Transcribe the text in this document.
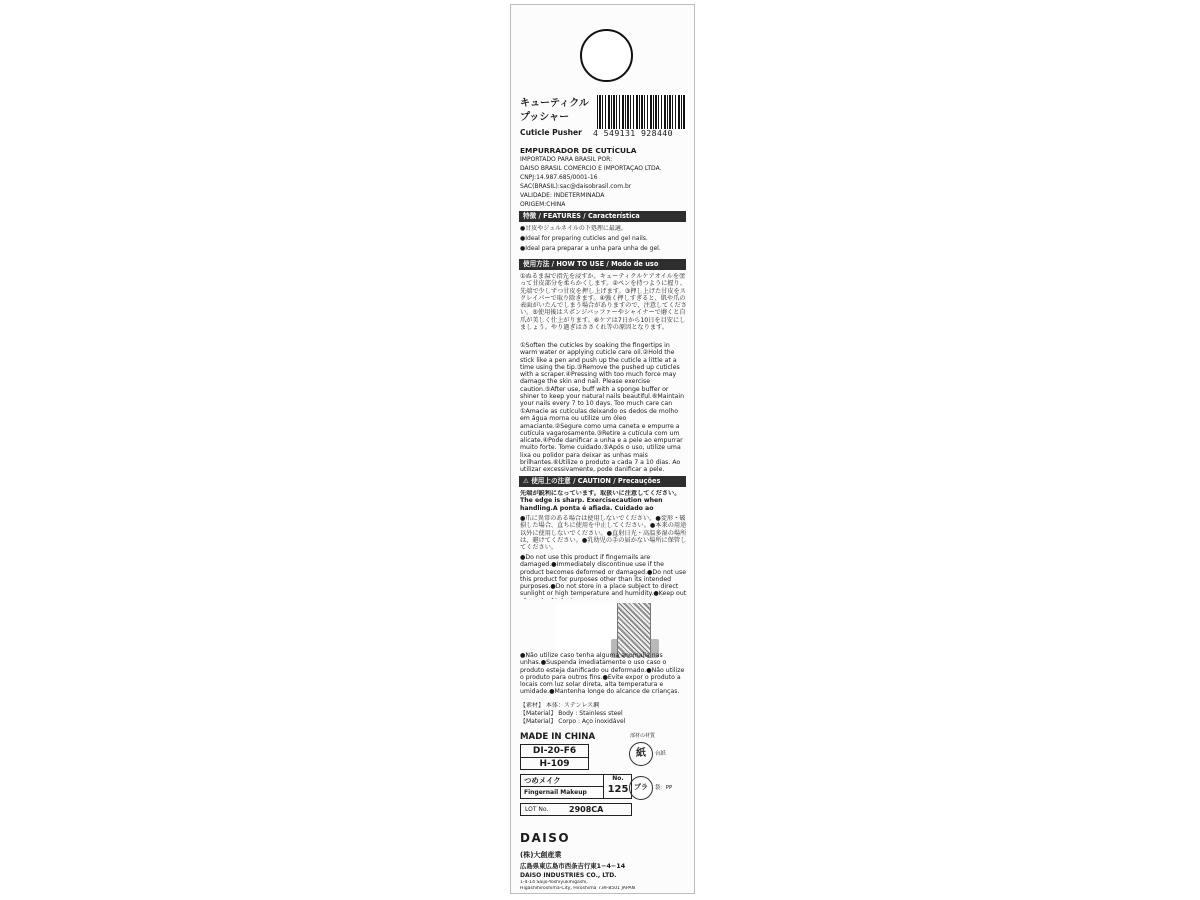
キューティクル
プッシャー
Cuticle Pusher 4 549131 928440
EMPURRADOR DE CUTÍCULA
IMPORTADO PARA BRASIL POR:
DAISO BRASIL COMÉRCIO E IMPORTAÇÃO LTDA.
CNPJ:14.987.685/0001-16
SAC(BRASIL):sac@daisobrasil.com.br
VALIDADE: INDETERMINADA
ORIGEM:CHINA
特徴 / FEATURES / Característica
●甘皮やジェルネイルの下処理に最適。
●Ideal for preparing cuticles and gel nails.
●Ideal para preparar a unha para unha de gel.
使用方法 / HOW TO USE / Modo de uso
①ぬるま湯で指先を浸すか、キューティクルケアオイルを塗って甘皮部分を柔らかくします。②ペンを持つように握り、先端で少しずつ甘皮を押し上げます。③押し上げた甘皮をスクレイパーで取り除きます。④強く押しすぎると、肌や爪の表面がいたんでしまう場合がありますので、注意してください。⑤使用後はスポンジバッファーやシャイナーで磨くと自爪が美しく仕上がります。⑥ケアは7日から10日を目安にしましょう。やり過ぎはささくれ等の原因となります。
①Soften the cuticles by soaking the fingertips in warm water or applying cuticle care oil.②Hold the stick like a pen and push up the cuticle a little at a time using the tip.③Remove the pushed up cuticles with a scraper.④Pressing with too much force may damage the skin and nail. Please exercise caution.⑤After use, buff with a sponge buffer or shiner to keep your natural nails beautiful.⑥Maintain your nails every 7 to 10 days. Too much care can
①Amacie as cutículas deixando os dedos de molho em água morna ou utilize um óleo amaciante.②Segure como uma caneta e empurre a cutícula vagarosamente.③Retire a cutícula com um alicate.④Pode danificar a unha e a pele ao empurrar muito forte. Tome cuidado.⑤Após o uso, utilize uma lixa ou polidor para deixar as unhas mais brilhantes.⑥Utilize o produto a cada 7 a 10 dias. Ao utilizar excessivamente, pode danificar a pele.
⚠ 使用上の注意 / CAUTION / Precauções
先端が鋭利になっています。取扱いに注意してください。The edge is sharp. Exercisecaution when handling.A ponta é afiada. Cuidado ao
●爪に異常のある場合は使用しないでください。●変形・破損した場合、直ちに使用を中止してください。●本来の用途以外に使用しないでください。●直射日光・高温多湿の場所は、避けてください。●乳幼児の手の届かない場所に保管してください。
●Do not use this product if fingernails are damaged.●Immediately discontinue use if the product becomes deformed or damaged.●Do not use this product for purposes other than its intended purposes.●Do not store in a place subject to direct sunlight or high temperature and humidity.●Keep out
●Não utilize caso tenha alguma anomalia nas unhas.●Suspenda imediatamente o uso caso o produto esteja danificado ou deformado.●Não utilize o produto para outros fins.●Evite expor o produto a locais com luz solar direta, alta temperatura e umidade.●Mantenha longe do alcance de crianças.
【素材】 本体：ステンレス鋼
【Material】 Body : Stainless steel
【Material】 Corpo : Aço inoxidável
MADE IN CHINA
DI-20-F6
H-109
つめメイク
Fingernail Makeup
No.
125
LOT No.	2908CA
部材の材質
紙	台紙
プラ	袋：PP
DAISO
(株)大創産業
広島県東広島市西条吉行東1−4−14
DAISO INDUSTRIES CO., LTD.
1-4-14 Saijo-Yoshiyukihigashi,
Higashihiroshima-City, Hiroshima 739-8501 JAPAN
